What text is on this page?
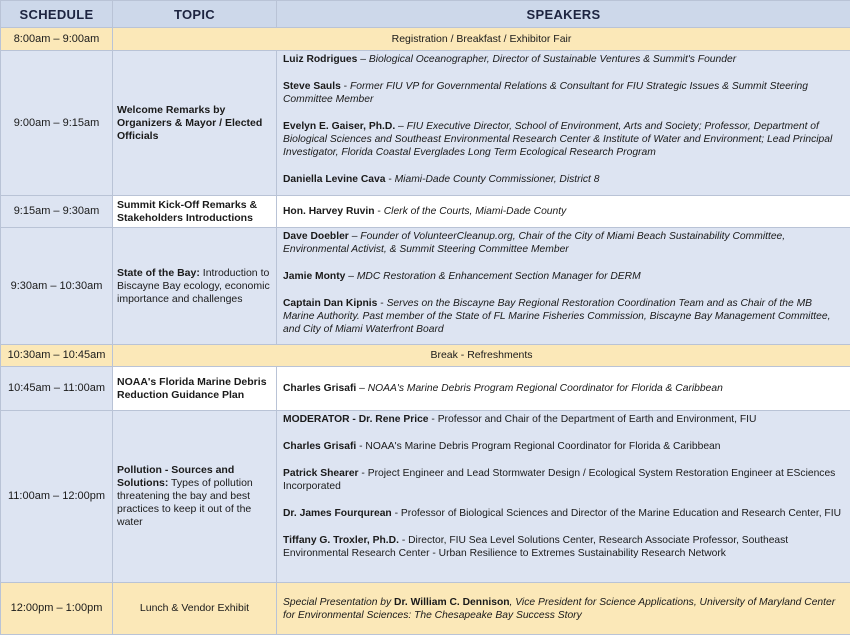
SCHEDULE	TOPIC	SPEAKERS
8:00am – 9:00am	Registration / Breakfast / Exhibitor Fair	
9:00am – 9:15am	Welcome Remarks by Organizers & Mayor / Elected Officials	Luiz Rodrigues – Biological Oceanographer, Director of Sustainable Ventures & Summit's Founder
Steve Sauls - Former FIU VP for Governmental Relations & Consultant for FIU Strategic Issues & Summit Steering Committee Member
Evelyn E. Gaiser, Ph.D. – FIU Executive Director, School of Environment, Arts and Society; Professor, Department of Biological Sciences and Southeast Environmental Research Center & Institute of Water and Environment; Lead Principal Investigator, Florida Coastal Everglades Long Term Ecological Research Program
Daniella Levine Cava - Miami-Dade County Commissioner, District 8

9:15am – 9:30am	Summit Kick-Off Remarks & Stakeholders Introductions	Hon. Harvey Ruvin - Clerk of the Courts, Miami-Dade County

9:30am – 10:30am	State of the Bay: Introduction to Biscayne Bay ecology, economic importance and challenges	Dave Doebler – Founder of VolunteerCleanup.org, Chair of the City of Miami Beach Sustainability Committee, Environmental Activist, & Summit Steering Committee Member
Jamie Monty – MDC Restoration & Enhancement Section Manager for DERM
Captain Dan Kipnis - Serves on the Biscayne Bay Regional Restoration Coordination Team and as Chair of the MB Marine Authority. Past member of the State of FL Marine Fisheries Commission, Biscayne Bay Management Committee, and City of Miami Waterfront Board

10:30am – 10:45am	Break - Refreshments	
10:45am – 11:00am	NOAA's Florida Marine Debris Reduction Guidance Plan	Charles Grisafi – NOAA's Marine Debris Program Regional Coordinator for Florida & Caribbean

11:00am – 12:00pm	Pollution - Sources and Solutions: Types of pollution threatening the bay and best practices to keep it out of the water	MODERATOR - Dr. Rene Price - Professor and Chair of the Department of Earth and Environment, FIU
Charles Grisafi - NOAA's Marine Debris Program Regional Coordinator for Florida & Caribbean
Patrick Shearer - Project Engineer and Lead Stormwater Design / Ecological System Restoration Engineer at ESciences Incorporated
Dr. James Fourqurean - Professor of Biological Sciences and Director of the Marine Education and Research Center, FIU
Tiffany G. Troxler, Ph.D. - Director, FIU Sea Level Solutions Center, Research Associate Professor, Southeast Environmental Research Center - Urban Resilience to Extremes Sustainability Research Network

12:00pm – 1:00pm	Lunch & Vendor Exhibit	Special Presentation by Dr. William C. Dennison, Vice President for Science Applications, University of Maryland Center for Environmental Sciences: The Chesapeake Bay Success Story
